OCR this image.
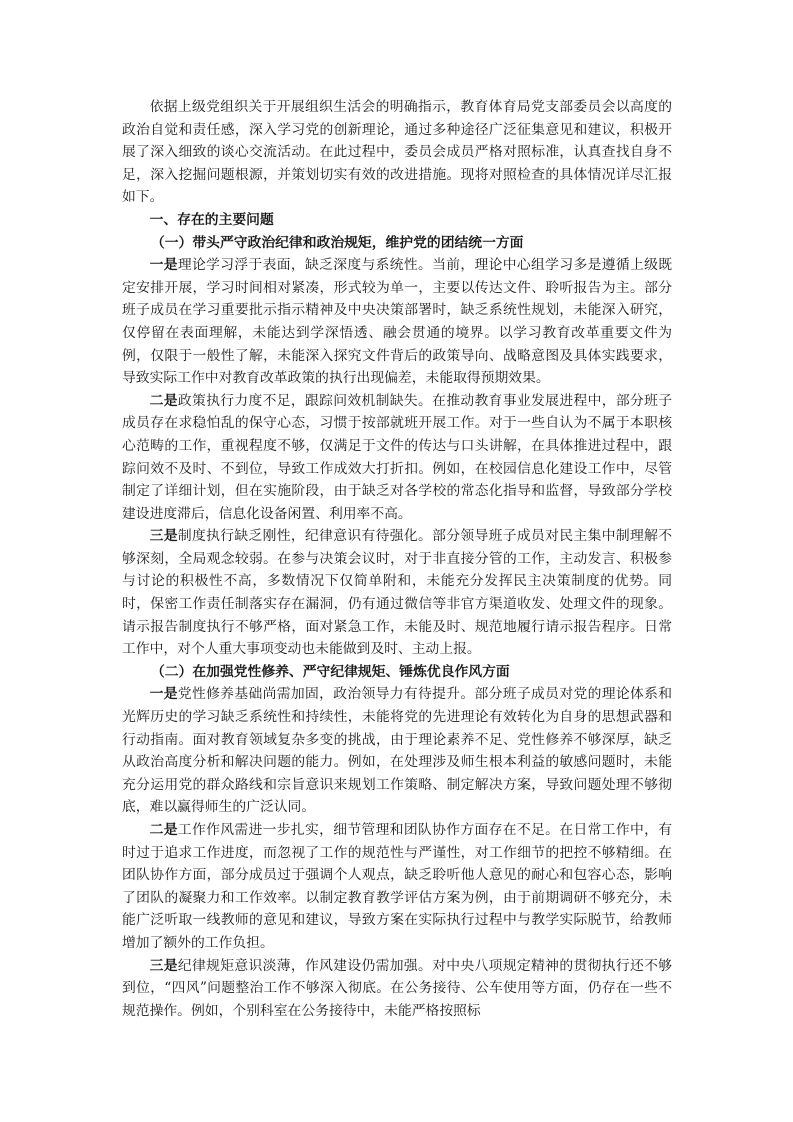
依据上级党组织关于开展组织生活会的明确指示，教育体育局党支部委员会以高度的政治自觉和责任感，深入学习党的创新理论，通过多种途径广泛征集意见和建议，积极开展了深入细致的谈心交流活动。在此过程中，委员会成员严格对照标准，认真查找自身不足，深入挖掘问题根源，并策划切实有效的改进措施。现将对照检查的具体情况详尽汇报如下。

一、存在的主要问题
（一）带头严守政治纪律和政治规矩，维护党的团结统一方面

一是理论学习浮于表面，缺乏深度与系统性。当前，理论中心组学习多是遵循上级既定安排开展，学习时间相对紧凑，形式较为单一，主要以传达文件、聆听报告为主。部分班子成员在学习重要批示指示精神及中央决策部署时，缺乏系统性规划，未能深入研究，仅停留在表面理解，未能达到学深悟透、融会贯通的境界。以学习教育改革重要文件为例，仅限于一般性了解，未能深入探究文件背后的政策导向、战略意图及具体实践要求，导致实际工作中对教育改革政策的执行出现偏差，未能取得预期效果。

二是政策执行力度不足，跟踪问效机制缺失。在推动教育事业发展进程中，部分班子成员存在求稳怕乱的保守心态，习惯于按部就班开展工作。对于一些自认为不属于本职核心范畴的工作，重视程度不够，仅满足于文件的传达与口头讲解，在具体推进过程中，跟踪问效不及时、不到位，导致工作成效大打折扣。例如，在校园信息化建设工作中，尽管制定了详细计划，但在实施阶段，由于缺乏对各学校的常态化指导和监督，导致部分学校建设进度滞后，信息化设备闲置、利用率不高。

三是制度执行缺乏刚性，纪律意识有待强化。部分领导班子成员对民主集中制理解不够深刻，全局观念较弱。在参与决策会议时，对于非直接分管的工作，主动发言、积极参与讨论的积极性不高，多数情况下仅简单附和，未能充分发挥民主决策制度的优势。同时，保密工作责任制落实存在漏洞，仍有通过微信等非官方渠道收发、处理文件的现象。请示报告制度执行不够严格，面对紧急工作，未能及时、规范地履行请示报告程序。日常工作中，对个人重大事项变动也未能做到及时、主动上报。

（二）在加强党性修养、严守纪律规矩、锤炼优良作风方面

一是党性修养基础尚需加固，政治领导力有待提升。部分班子成员对党的理论体系和光辉历史的学习缺乏系统性和持续性，未能将党的先进理论有效转化为自身的思想武器和行动指南。面对教育领域复杂多变的挑战，由于理论素养不足、党性修养不够深厚，缺乏从政治高度分析和解决问题的能力。例如，在处理涉及师生根本利益的敏感问题时，未能充分运用党的群众路线和宗旨意识来规划工作策略、制定解决方案，导致问题处理不够彻底，难以赢得师生的广泛认同。

二是工作作风需进一步扎实，细节管理和团队协作方面存在不足。在日常工作中，有时过于追求工作进度，而忽视了工作的规范性与严谨性，对工作细节的把控不够精细。在团队协作方面，部分成员过于强调个人观点，缺乏聆听他人意见的耐心和包容心态，影响了团队的凝聚力和工作效率。以制定教育教学评估方案为例，由于前期调研不够充分，未能广泛听取一线教师的意见和建议，导致方案在实际执行过程中与教学实际脱节，给教师增加了额外的工作负担。

三是纪律规矩意识淡薄，作风建设仍需加强。对中央八项规定精神的贯彻执行还不够到位，“四风”问题整治工作不够深入彻底。在公务接待、公车使用等方面，仍存在一些不规范操作。例如，个别科室在公务接待中，未能严格按照标
